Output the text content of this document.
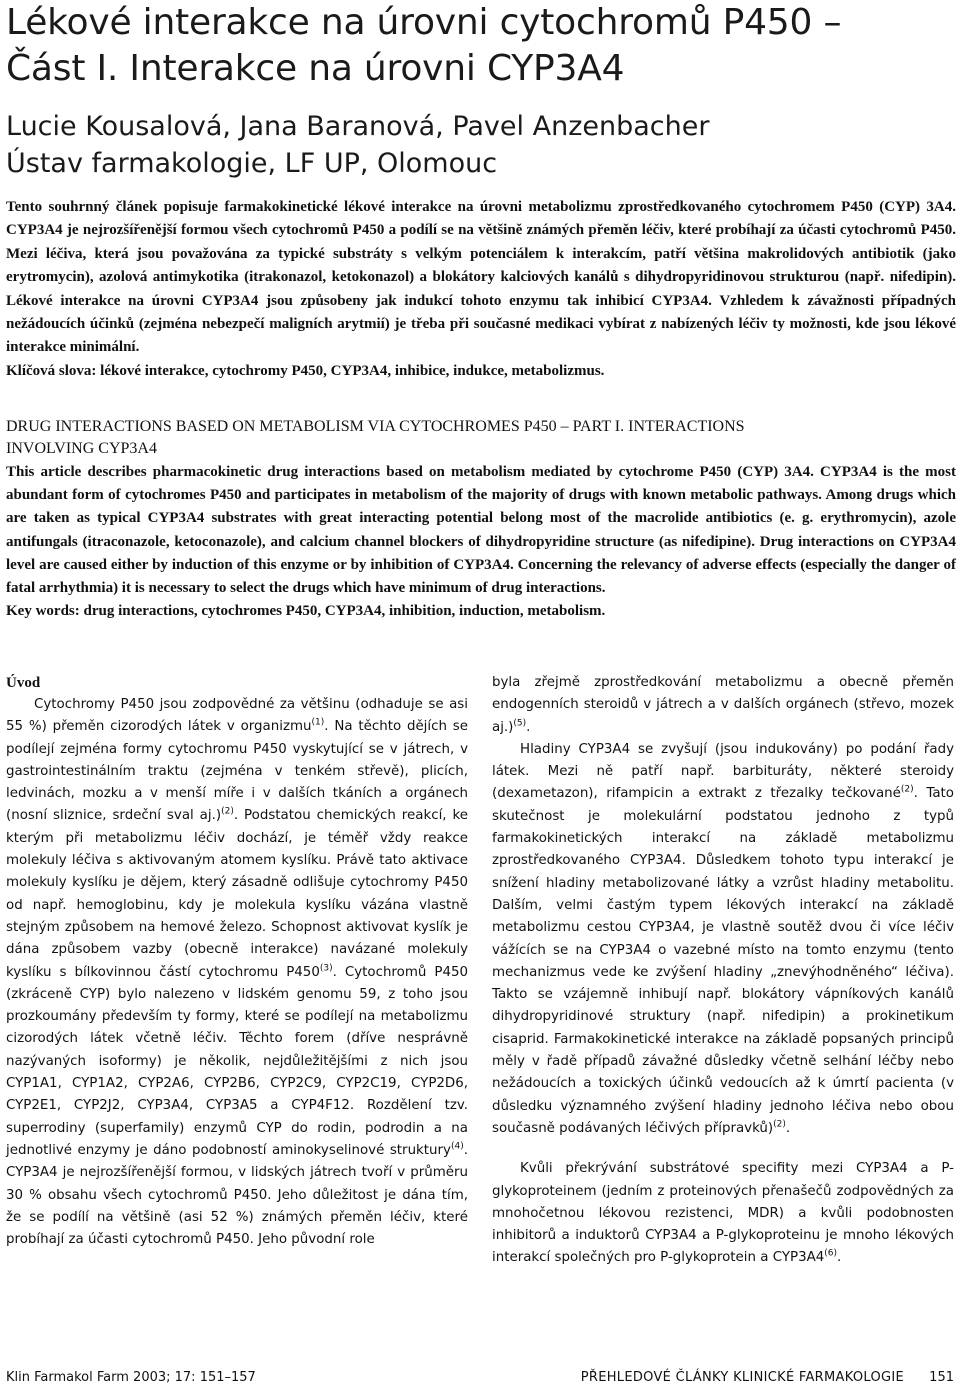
Lékové interakce na úrovni cytochromů P450 –
Část I. Interakce na úrovni CYP3A4
Lucie Kousalová, Jana Baranová, Pavel Anzenbacher
Ústav farmakologie, LF UP, Olomouc

Tento souhrnný článek popisuje farmakokinetické lékové interakce na úrovni metabolizmu zprostředkovaného cytochromem P450 (CYP) 3A4. CYP3A4 je nejrozšířenější formou všech cytochromů P450 a podílí se na většině známých přeměn léčiv, které probíhají za účasti cytochromů P450. Mezi léčiva, která jsou považována za typické substráty s velkým potenciálem k interakcím, patří většina makrolidových antibiotik (jako erytromycin), azolová antimykotika (itrakonazol, ketokonazol) a blokátory kalciových kanálů s dihydropyridinovou strukturou (např. nifedipin). Lékové interakce na úrovni CYP3A4 jsou způsobeny jak indukcí tohoto enzymu tak inhibicí CYP3A4. Vzhledem k závažnosti případných nežádoucích účinků (zejména nebezpečí maligních arytmií) je třeba při současné medikaci vybírat z nabízených léčiv ty možnosti, kde jsou lékové interakce minimální.

Klíčová slova: lékové interakce, cytochromy P450, CYP3A4, inhibice, indukce, metabolizmus.

DRUG INTERACTIONS BASED ON METABOLISM VIA CYTOCHROMES P450 – PART I. INTERACTIONS
INVOLVING CYP3A4

This article describes pharmacokinetic drug interactions based on metabolism mediated by cytochrome P450 (CYP) 3A4. CYP3A4 is the most abundant form of cytochromes P450 and participates in metabolism of the majority of drugs with known metabolic pathways. Among drugs which are taken as typical CYP3A4 substrates with great interacting potential belong most of the macrolide antibiotics (e. g. erythromycin), azole antifungals (itraconazole, ketoconazole), and calcium channel blockers of dihydropyridine structure (as nifedipine). Drug interactions on CYP3A4 level are caused either by induction of this enzyme or by inhibition of CYP3A4. Concerning the relevancy of adverse effects (especially the danger of fatal arrhythmia) it is necessary to select the drugs which have minimum of drug interactions.

Key words: drug interactions, cytochromes P450, CYP3A4, inhibition, induction, metabolism.

Úvod

Cytochromy P450 jsou zodpovědné za většinu (odhaduje se asi 55 %) přeměn cizorodých látek v organizmu$^{(1)}$. Na těchto dějích se podílejí zejména formy cytochromu P450 vyskytující se v játrech, v gastrointestinálním traktu (zejména v tenkém střevě), plicích, ledvinách, mozku a v menší míře i v dalších tkáních a orgánech (nosní sliznice, srdeční sval aj.)$^{(2)}$. Podstatou chemických reakcí, ke kterým při metabolizmu léčiv dochází, je téměř vždy reakce molekuly léčiva s aktivovaným atomem kyslíku. Právě tato aktivace molekuly kyslíku je dějem, který zásadně odlišuje cytochromy P450 od např. hemoglobinu, kdy je molekula kyslíku vázána vlastně stejným způsobem na hemové železo. Schopnost aktivovat kyslík je dána způsobem vazby (obecně interakce) navázané molekuly kyslíku s bílkovinnou částí cytochromu P450$^{(3)}$. Cytochromů P450 (zkráceně CYP) bylo nalezeno v lidském genomu 59, z toho jsou prozkoumány především ty formy, které se podílejí na metabolizmu cizorodých látek včetně léčiv. Těchto forem (dříve nesprávně nazývaných isoformy) je několik, nejdůležitějšími z nich jsou CYP1A1, CYP1A2, CYP2A6, CYP2B6, CYP2C9, CYP2C19, CYP2D6, CYP2E1, CYP2J2, CYP3A4, CYP3A5 a CYP4F12. Rozdělení tzv. superrodiny (superfamily) enzymů CYP do rodin, podrodin a na jednotlivé enzymy je dáno podobností aminokyselinové struktury$^{(4)}$. CYP3A4 je nejrozšířenější formou, v lidských játrech tvoří v průměru 30 % obsahu všech cytochromů P450. Jeho důležitost je dána tím, že se podílí na většině (asi 52 %) známých přeměn léčiv, které probíhají za účasti cytochromů P450. Jeho původní role

byla zřejmě zprostředkování metabolizmu a obecně přeměn endogenních steroidů v játrech a v dalších orgánech (střevo, mozek aj.)$^{(5)}$.

Hladiny CYP3A4 se zvyšují (jsou indukovány) po podání řady látek. Mezi ně patří např. barbituráty, některé steroidy (dexametazon), rifampicin a extrakt z třezalky tečkované$^{(2)}$. Tato skutečnost je molekulární podstatou jednoho z typů farmakokinetických interakcí na základě metabolizmu zprostředkovaného CYP3A4. Důsledkem tohoto typu interakcí je snížení hladiny metabolizované látky a vzrůst hladiny metabolitu. Dalším, velmi častým typem lékových interakcí na základě metabolizmu cestou CYP3A4, je vlastně soutěž dvou či více léčiv vážících se na CYP3A4 o vazebné místo na tomto enzymu (tento mechanizmus vede ke zvýšení hladiny „znevýhodněného“ léčiva). Takto se vzájemně inhibují např. blokátory vápníkových kanálů dihydropyridinové struktury (např. nifedipin) a prokinetikum cisaprid. Farmakokinetické interakce na základě popsaných principů měly v řadě případů závažné důsledky včetně selhání léčby nebo nežádoucích a toxických účinků vedoucích až k úmrtí pacienta (v důsledku významného zvýšení hladiny jednoho léčiva nebo obou současně podávaných léčivých přípravků)$^{(2)}$.

Kvůli překrývání substrátové specifity mezi CYP3A4 a P-glykoproteinem (jedním z proteinových přenašečů zodpovědných za mnohočetnou lékovou rezistenci, MDR) a kvůli podobnosten inhibitorů a induktorů CYP3A4 a P-glykoproteinu je mnoho lékových interakcí společných pro P-glykoprotein a CYP3A4$^{(6)}$.

Klin Farmakol Farm 2003; 17: 151–157	PŘEHLEDOVÉ ČLÁNKY KLINICKÉ FARMAKOLOGIE 151
